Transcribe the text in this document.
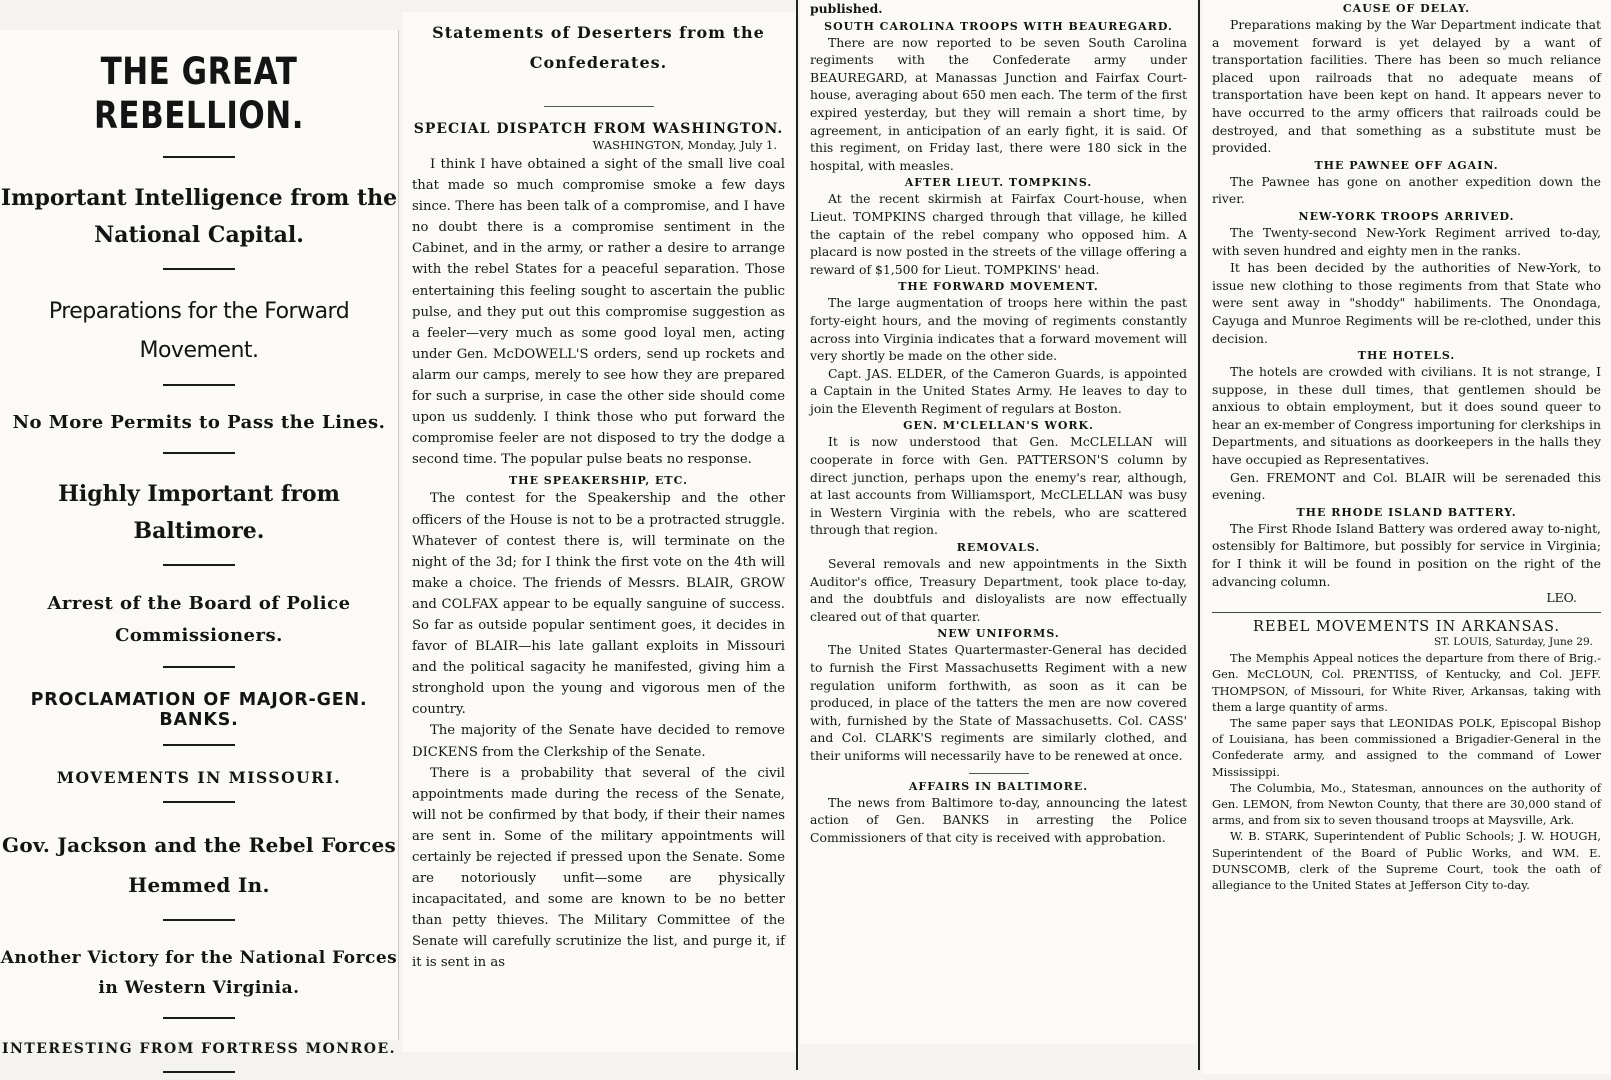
THE GREAT REBELLION.
Important Intelligence from the National Capital.
Preparations for the Forward Movement.
No More Permits to Pass the Lines.
Highly Important from Baltimore.
Arrest of the Board of Police Commissioners.
PROCLAMATION OF MAJOR-GEN. BANKS.
MOVEMENTS IN MISSOURI.
Gov. Jackson and the Rebel Forces Hemmed In.
Another Victory for the National Forces in Western Virginia.
INTERESTING FROM FORTRESS MONROE.
Statements of Deserters from the Confederates.
SPECIAL DISPATCH FROM WASHINGTON.
WASHINGTON, Monday, July 1.

I think I have obtained a sight of the small live coal that made so much compromise smoke a few days since. There has been talk of a compromise, and I have no doubt there is a compromise sentiment in the Cabinet, and in the army, or rather a desire to arrange with the rebel States for a peaceful separation. Those entertaining this feeling sought to ascertain the public pulse, and they put out this compromise suggestion as a feeler—very much as some good loyal men, acting under Gen. McDOWELL'S orders, send up rockets and alarm our camps, merely to see how they are prepared for such a surprise, in case the other side should come upon us suddenly. I think those who put forward the compromise feeler are not disposed to try the dodge a second time. The popular pulse beats no response.

THE SPEAKERSHIP, ETC.

The contest for the Speakership and the other officers of the House is not to be a protracted struggle. Whatever of contest there is, will terminate on the night of the 3d; for I think the first vote on the 4th will make a choice. The friends of Messrs. BLAIR, GROW and COLFAX appear to be equally sanguine of success. So far as outside popular sentiment goes, it decides in favor of BLAIR—his late gallant exploits in Missouri and the political sagacity he manifested, giving him a stronghold upon the young and vigorous men of the country.

The majority of the Senate have decided to remove DICKENS from the Clerkship of the Senate.

There is a probability that several of the civil appointments made during the recess of the Senate, will not be confirmed by that body, if their their names are sent in. Some of the military appointments will certainly be rejected if pressed upon the Senate. Some are notoriously unfit—some are physically incapacitated, and some are known to be no better than petty thieves. The Military Committee of the Senate will carefully scrutinize the list, and purge it, if it is sent in as

published.

SOUTH CAROLINA TROOPS WITH BEAUREGARD.

There are now reported to be seven South Carolina regiments with the Confederate army under BEAUREGARD, at Manassas Junction and Fairfax Court-house, averaging about 650 men each. The term of the first expired yesterday, but they will remain a short time, by agreement, in anticipation of an early fight, it is said. Of this regiment, on Friday last, there were 180 sick in the hospital, with measles.

AFTER LIEUT. TOMPKINS.

At the recent skirmish at Fairfax Court-house, when Lieut. TOMPKINS charged through that village, he killed the captain of the rebel company who opposed him. A placard is now posted in the streets of the village offering a reward of $1,500 for Lieut. TOMPKINS' head.

THE FORWARD MOVEMENT.

The large augmentation of troops here within the past forty-eight hours, and the moving of regiments constantly across into Virginia indicates that a forward movement will very shortly be made on the other side.

Capt. JAS. ELDER, of the Cameron Guards, is appointed a Captain in the United States Army. He leaves to day to join the Eleventh Regiment of regulars at Boston.

GEN. M'CLELLAN'S WORK.

It is now understood that Gen. McCLELLAN will cooperate in force with Gen. PATTERSON'S column by direct junction, perhaps upon the enemy's rear, although, at last accounts from Williamsport, McCLELLAN was busy in Western Virginia with the rebels, who are scattered through that region.

REMOVALS.

Several removals and new appointments in the Sixth Auditor's office, Treasury Department, took place to-day, and the doubtfuls and disloyalists are now effectually cleared out of that quarter.

NEW UNIFORMS.

The United States Quartermaster-General has decided to furnish the First Massachusetts Regiment with a new regulation uniform forthwith, as soon as it can be produced, in place of the tatters the men are now covered with, furnished by the State of Massachusetts. Col. CASS' and Col. CLARK'S regiments are similarly clothed, and their uniforms will necessarily have to be renewed at once.

AFFAIRS IN BALTIMORE.

The news from Baltimore to-day, announcing the latest action of Gen. BANKS in arresting the Police Commissioners of that city is received with approbation.

CAUSE OF DELAY.

Preparations making by the War Department indicate that a movement forward is yet delayed by a want of transportation facilities. There has been so much reliance placed upon railroads that no adequate means of transportation have been kept on hand. It appears never to have occurred to the army officers that railroads could be destroyed, and that something as a substitute must be provided.

THE PAWNEE OFF AGAIN.

The Pawnee has gone on another expedition down the river.

NEW-YORK TROOPS ARRIVED.

The Twenty-second New-York Regiment arrived to-day, with seven hundred and eighty men in the ranks.

It has been decided by the authorities of New-York, to issue new clothing to those regiments from that State who were sent away in "shoddy" habiliments. The Onondaga, Cayuga and Munroe Regiments will be re-clothed, under this decision.

THE HOTELS.

The hotels are crowded with civilians. It is not strange, I suppose, in these dull times, that gentlemen should be anxious to obtain employment, but it does sound queer to hear an ex-member of Congress importuning for clerkships in Departments, and situations as doorkeepers in the halls they have occupied as Representatives.

Gen. FREMONT and Col. BLAIR will be serenaded this evening.

THE RHODE ISLAND BATTERY.

The First Rhode Island Battery was ordered away to-night, ostensibly for Baltimore, but possibly for service in Virginia; for I think it will be found in position on the right of the advancing column.

LEO.
REBEL MOVEMENTS IN ARKANSAS.
ST. LOUIS, Saturday, June 29.

The Memphis Appeal notices the departure from there of Brig.-Gen. McCLOUN, Col. PRENTISS, of Kentucky, and Col. JEFF. THOMPSON, of Missouri, for White River, Arkansas, taking with them a large quantity of arms.

The same paper says that LEONIDAS POLK, Episcopal Bishop of Louisiana, has been commissioned a Brigadier-General in the Confederate army, and assigned to the command of Lower Mississippi.

The Columbia, Mo., Statesman, announces on the authority of Gen. LEMON, from Newton County, that there are 30,000 stand of arms, and from six to seven thousand troops at Maysville, Ark.

W. B. STARK, Superintendent of Public Schools; J. W. HOUGH, Superintendent of the Board of Public Works, and WM. E. DUNSCOMB, clerk of the Supreme Court, took the oath of allegiance to the United States at Jefferson City to-day.
